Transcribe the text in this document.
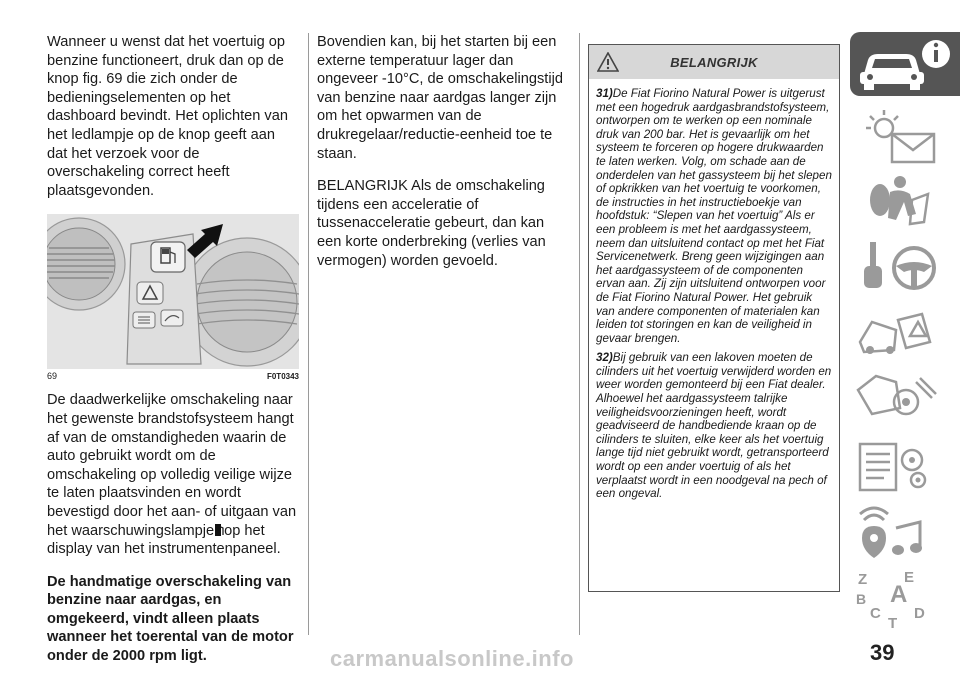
Wanneer u wenst dat het voertuig op benzine functioneert, druk dan op de knop fig. 69 die zich onder de bedieningselementen op het dashboard bevindt. Het oplichten van het ledlampje op de knop geeft aan dat het verzoek voor de overschakeling correct heeft plaatsgevonden.

69	F0T0343

De daadwerkelijke omschakeling naar het gewenste brandstofsysteem hangt af van de omstandigheden waarin de auto gebruikt wordt om de omschakeling op volledig veilige wijze te laten plaatsvinden en wordt bevestigd door het aan- of uitgaan van het waarschuwingslampje op het display van het instrumentenpaneel.

De handmatige overschakeling van benzine naar aardgas, en omgekeerd, vindt alleen plaats wanneer het toerental van de motor onder de 2000 rpm ligt.

Bovendien kan, bij het starten bij een externe temperatuur lager dan ongeveer -10°C, de omschakelingstijd van benzine naar aardgas langer zijn om het opwarmen van de drukregelaar/reductie-eenheid toe te staan.

BELANGRIJK Als de omschakeling tijdens een acceleratie of tussenacceleratie gebeurt, dan kan een korte onderbreking (verlies van vermogen) worden gevoeld.

BELANGRIJK

31)De Fiat Fiorino Natural Power is uitgerust met een hogedruk aardgasbrandstofsysteem, ontworpen om te werken op een nominale druk van 200 bar. Het is gevaarlijk om het systeem te forceren op hogere drukwaarden te laten werken. Volg, om schade aan de onderdelen van het gassysteem bij het slepen of opkrikken van het voertuig te voorkomen, de instructies in het instructieboekje van hoofdstuk: “Slepen van het voertuig” Als er een probleem is met het aardgassysteem, neem dan uitsluitend contact op met het Fiat Servicenetwerk. Breng geen wijzigingen aan het aardgassysteem of de componenten ervan aan. Zij zijn uitsluitend ontworpen voor de Fiat Fiorino Natural Power. Het gebruik van andere componenten of materialen kan leiden tot storingen en kan de veiligheid in gevaar brengen.

32)Bij gebruik van een lakoven moeten de cilinders uit het voertuig verwijderd worden en weer worden gemonteerd bij een Fiat dealer. Alhoewel het aardgassysteem talrijke veiligheidsvoorzieningen heeft, wordt geadviseerd de handbediende kraan op de cilinders te sluiten, elke keer als het voertuig lange tijd niet gebruikt wordt, getransporteerd wordt op een ander voertuig of als het verplaatst wordt in een noodgeval na pech of een ongeval.

Z E
B A
C D
T
39
carmanualsonline.info
